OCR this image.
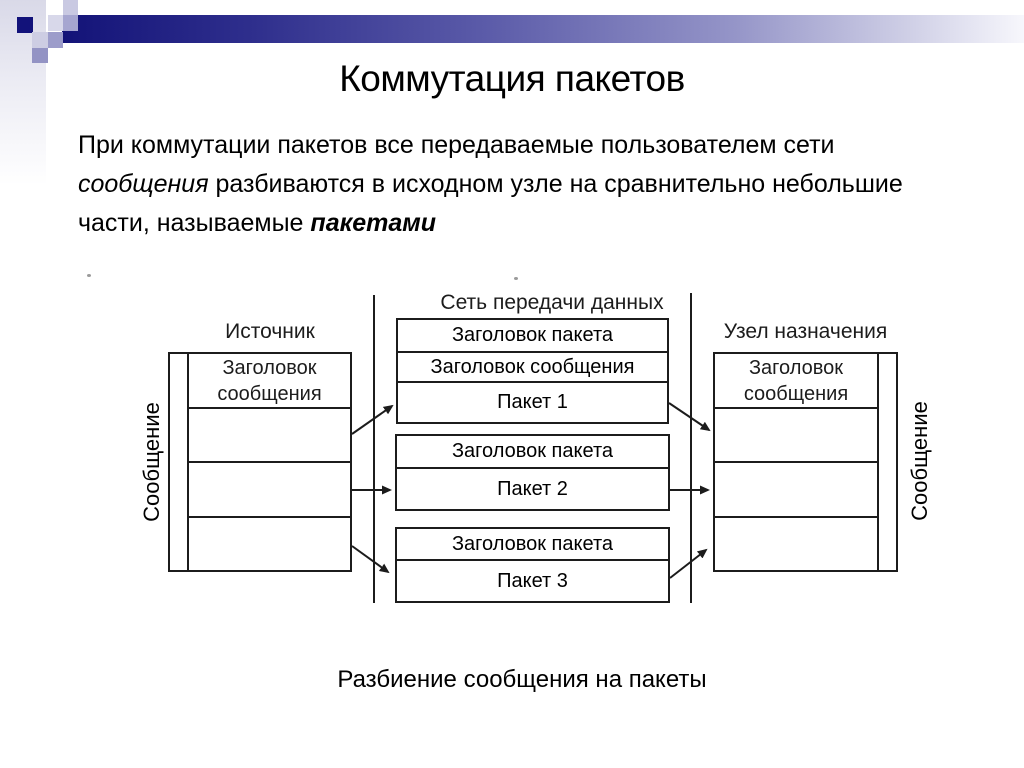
Коммутация пакетов
При коммутации пакетов все передаваемые пользователем сети
сообщения разбиваются в исходном узле на сравнительно небольшие
части, называемые пакетами
Источник
Сеть передачи данных
Узел назначения
Заголовок сообщения
Сообщение
Заголовок пакета
Заголовок сообщения
Пакет 1
Заголовок пакета
Пакет 2
Заголовок пакета
Пакет 3
Заголовок сообщения
Сообщение
Разбиение сообщения на пакеты
